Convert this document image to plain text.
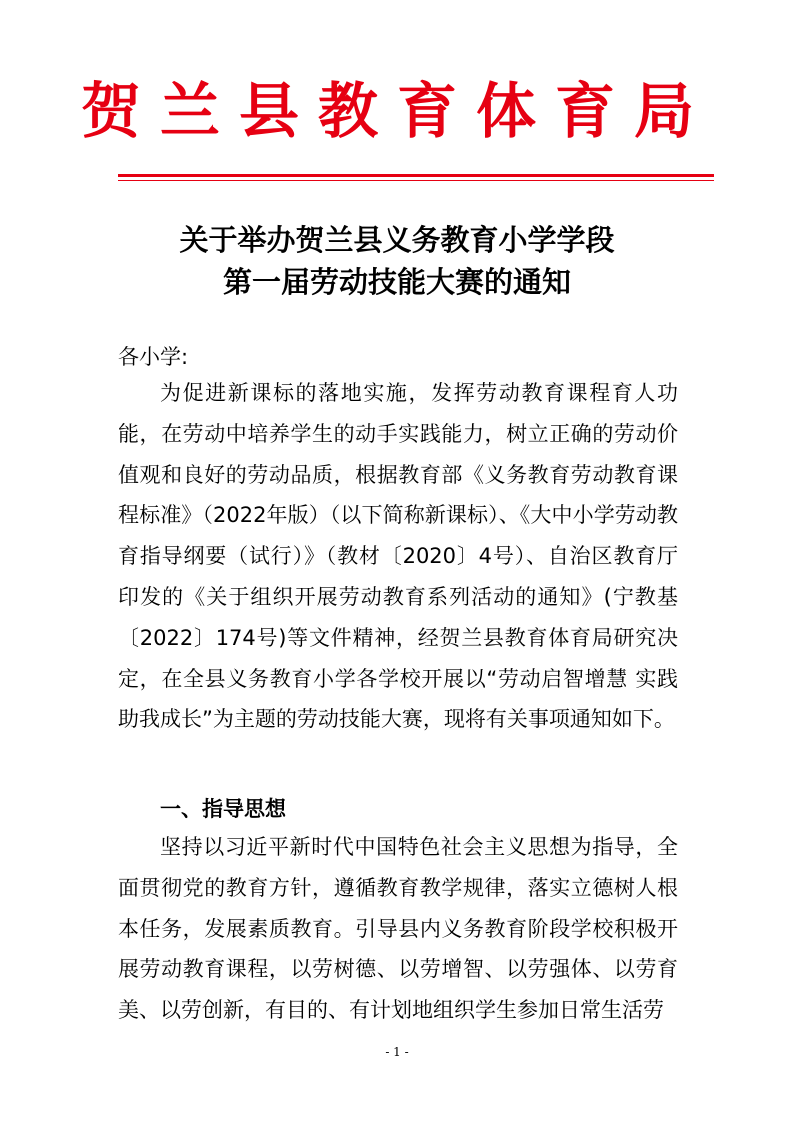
贺兰县教育体育局
关于举办贺兰县义务教育小学学段
第一届劳动技能大赛的通知
各小学:
为促进新课标的落地实施，发挥劳动教育课程育人功能，在劳动中培养学生的动手实践能力，树立正确的劳动价值观和良好的劳动品质，根据教育部《义务教育劳动教育课程标准》（2022年版）（以下简称新课标）、《大中小学劳动教育指导纲要（试行）》（教材〔2020〕4号）、自治区教育厅印发的《关于组织开展劳动教育系列活动的通知》(宁教基〔2022〕174号)等文件精神，经贺兰县教育体育局研究决定，在全县义务教育小学各学校开展以“劳动启智增慧 实践助我成长”为主题的劳动技能大赛，现将有关事项通知如下。
一、指导思想
坚持以习近平新时代中国特色社会主义思想为指导，全面贯彻党的教育方针，遵循教育教学规律，落实立德树人根本任务，发展素质教育。引导县内义务教育阶段学校积极开展劳动教育课程，以劳树德、以劳增智、以劳强体、以劳育美、以劳创新，有目的、有计划地组织学生参加日常生活劳
- 1 -
